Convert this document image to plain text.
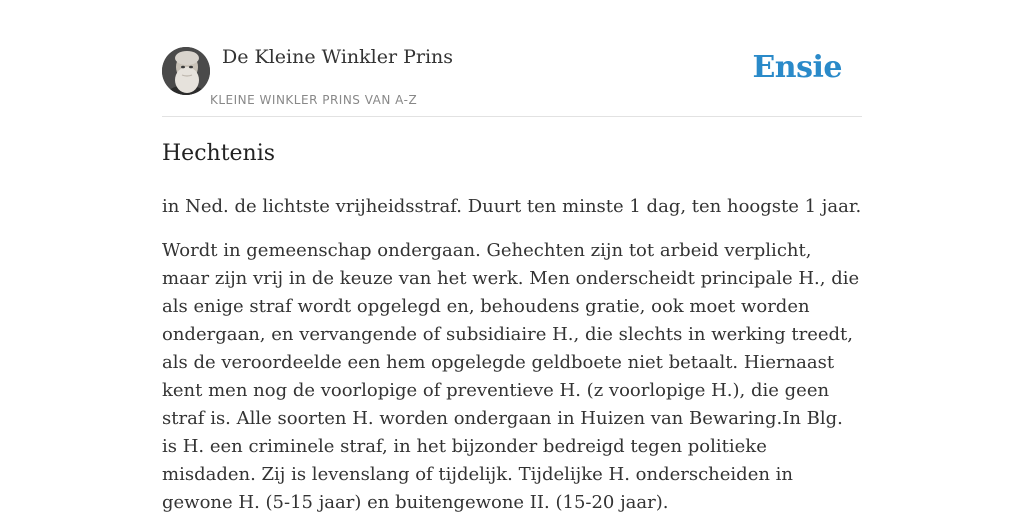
De Kleine Winkler Prins
KLEINE WINKLER PRINS VAN A-Z
Ensie
Hechtenis

in Ned. de lichtste vrijheidsstraf. Duurt ten minste 1 dag, ten hoogste 1 jaar.

Wordt in gemeenschap ondergaan. Gehechten zijn tot arbeid verplicht, maar zijn vrij in de keuze van het werk. Men onderscheidt principale H., die als enige straf wordt opgelegd en, behoudens gratie, ook moet worden ondergaan, en vervangende of subsidiaire H., die slechts in werking treedt, als de veroordeelde een hem opgelegde geldboete niet betaalt. Hiernaast kent men nog de voorlopige of preventieve H. (z voorlopige H.), die geen straf is. Alle soorten H. worden ondergaan in Huizen van Bewaring.In Blg. is H. een criminele straf, in het bijzonder bedreigd tegen politieke misdaden. Zij is levenslang of tijdelijk. Tijdelijke H. onderscheiden in gewone H. (5-15 jaar) en buitengewone II. (15-20 jaar).
